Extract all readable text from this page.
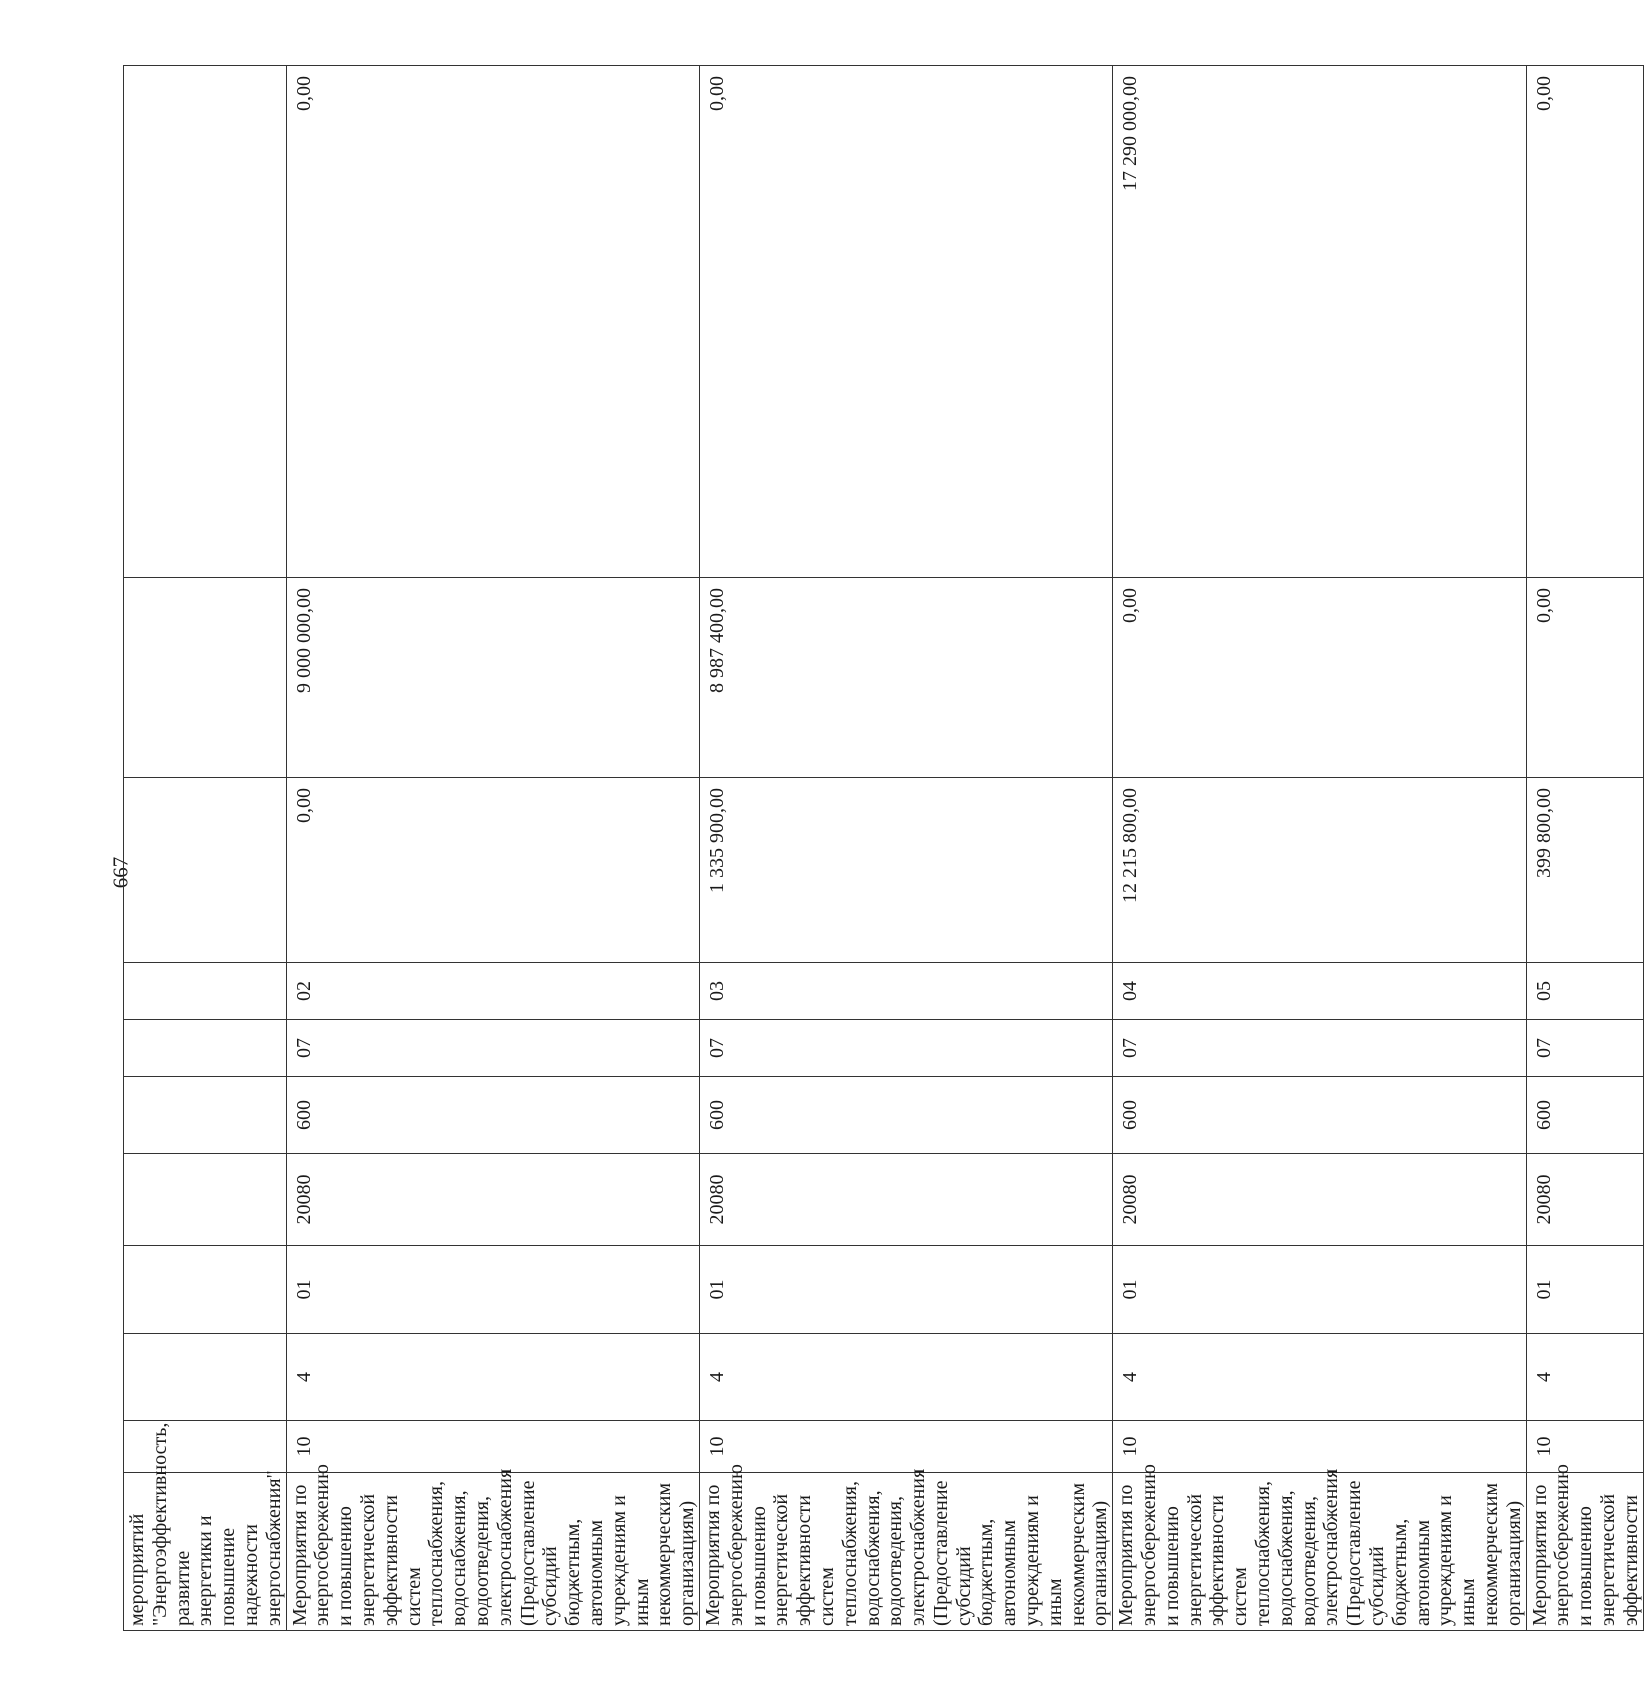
667
мероприятий "Энергоэффективность, развитие энергетики и повышение надежности энергоснабжения"										
Мероприятия по энергосбережению и повышению энергетической эффективности систем теплоснабжения, водоснабжения, водоотведения, электроснабжения (Предоставление субсидий бюджетным, автономным учреждениям и иным некоммерческим организациям)	10	4	01	20080	600	07	02	0,00	9 000 000,00	0,00
Мероприятия по энергосбережению и повышению энергетической эффективности систем теплоснабжения, водоснабжения, водоотведения, электроснабжения (Предоставление субсидий бюджетным, автономным учреждениям и иным некоммерческим организациям)	10	4	01	20080	600	07	03	1 335 900,00	8 987 400,00	0,00
Мероприятия по энергосбережению и повышению энергетической эффективности систем теплоснабжения, водоснабжения, водоотведения, электроснабжения (Предоставление субсидий бюджетным, автономным учреждениям и иным некоммерческим организациям)	10	4	01	20080	600	07	04	12 215 800,00	0,00	17 290 000,00
Мероприятия по энергосбережению и повышению энергетической эффективности	10	4	01	20080	600	07	05	399 800,00	0,00	0,00
